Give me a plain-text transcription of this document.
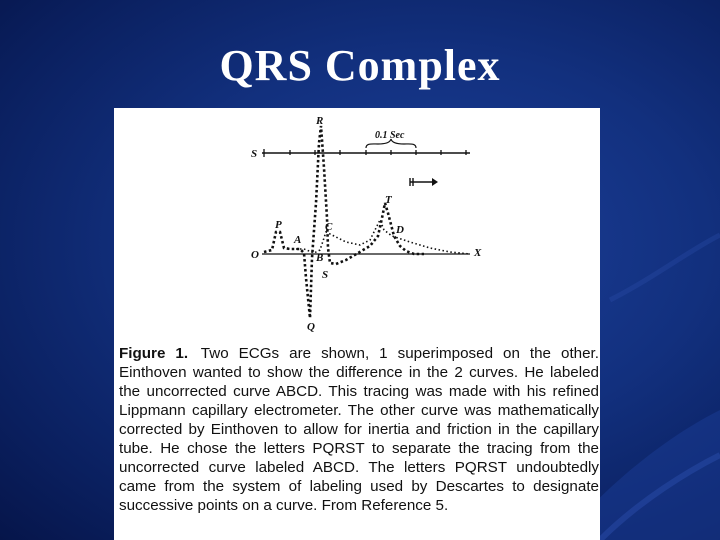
QRS Complex
R
S
0.1 Sec
T
P	C	D
A
O	X
B
S
Q

Figure 1. Two ECGs are shown, 1 superimposed on the other. Einthoven wanted to show the difference in the 2 curves. He labeled the uncorrected curve ABCD. This tracing was made with his refined Lippmann capillary electrometer. The other curve was mathematically corrected by Einthoven to allow for inertia and friction in the capillary tube. He chose the letters PQRST to separate the tracing from the uncorrected curve labeled ABCD. The letters PQRST undoubtedly came from the system of labeling used by Descartes to designate successive points on a curve. From Reference 5.
